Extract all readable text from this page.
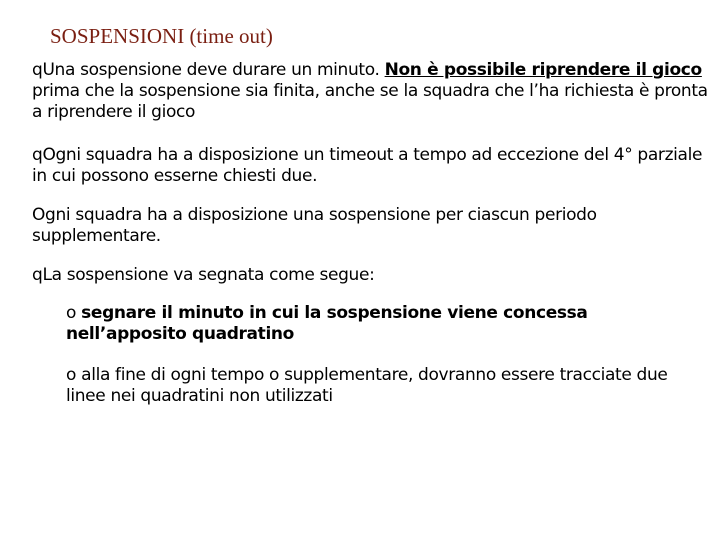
SOSPENSIONI (time out)

qUna sospensione deve durare un minuto. Non è possibile riprendere il gioco prima che la sospensione sia finita, anche se la squadra che l’ha richiesta è pronta a riprendere il gioco

qOgni squadra ha a disposizione un timeout a tempo ad eccezione del 4° parziale in cui possono esserne chiesti due.

Ogni squadra ha a disposizione una sospensione per ciascun periodo supplementare.

qLa sospensione va segnata come segue:

o segnare il minuto in cui la sospensione viene concessa nell’apposito quadratino

o alla fine di ogni tempo o supplementare, dovranno essere tracciate due linee nei quadratini non utilizzati
